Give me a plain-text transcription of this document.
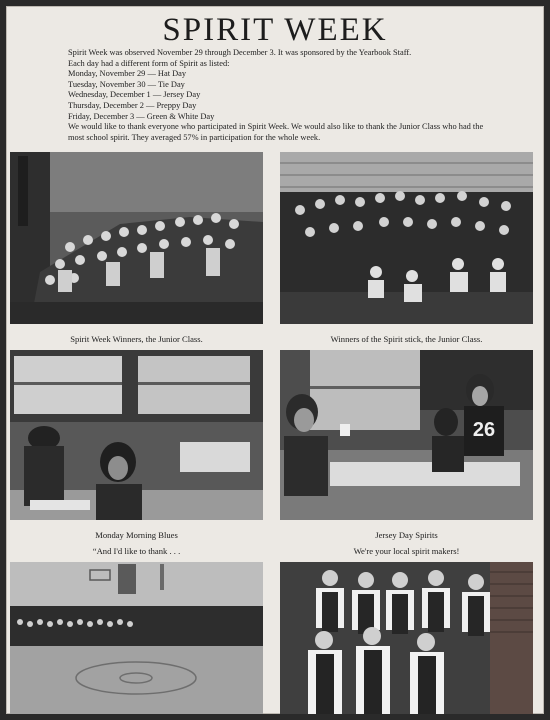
SPIRIT WEEK
Spirit Week was observed November 29 through December 3. It was sponsored by the Yearbook Staff.
Each day had a different form of Spirit as listed:
Monday, November 29 — Hat Day
Tuesday, November 30 — Tie Day
Wednesday, December 1 — Jersey Day
Thursday, December 2 — Preppy Day
Friday, December 3 — Green & White Day
We would like to thank everyone who participated in Spirit Week. We would also like to thank the Junior Class who had the most school spirit. They averaged 57% in participation for the whole week.
Spirit Week Winners, the Junior Class.	Winners of the Spirit stick, the Junior Class.
Monday Morning Blues
26
Jersey Day Spirits
“And I'd like to thank . . .	We're your local spirit makers!
